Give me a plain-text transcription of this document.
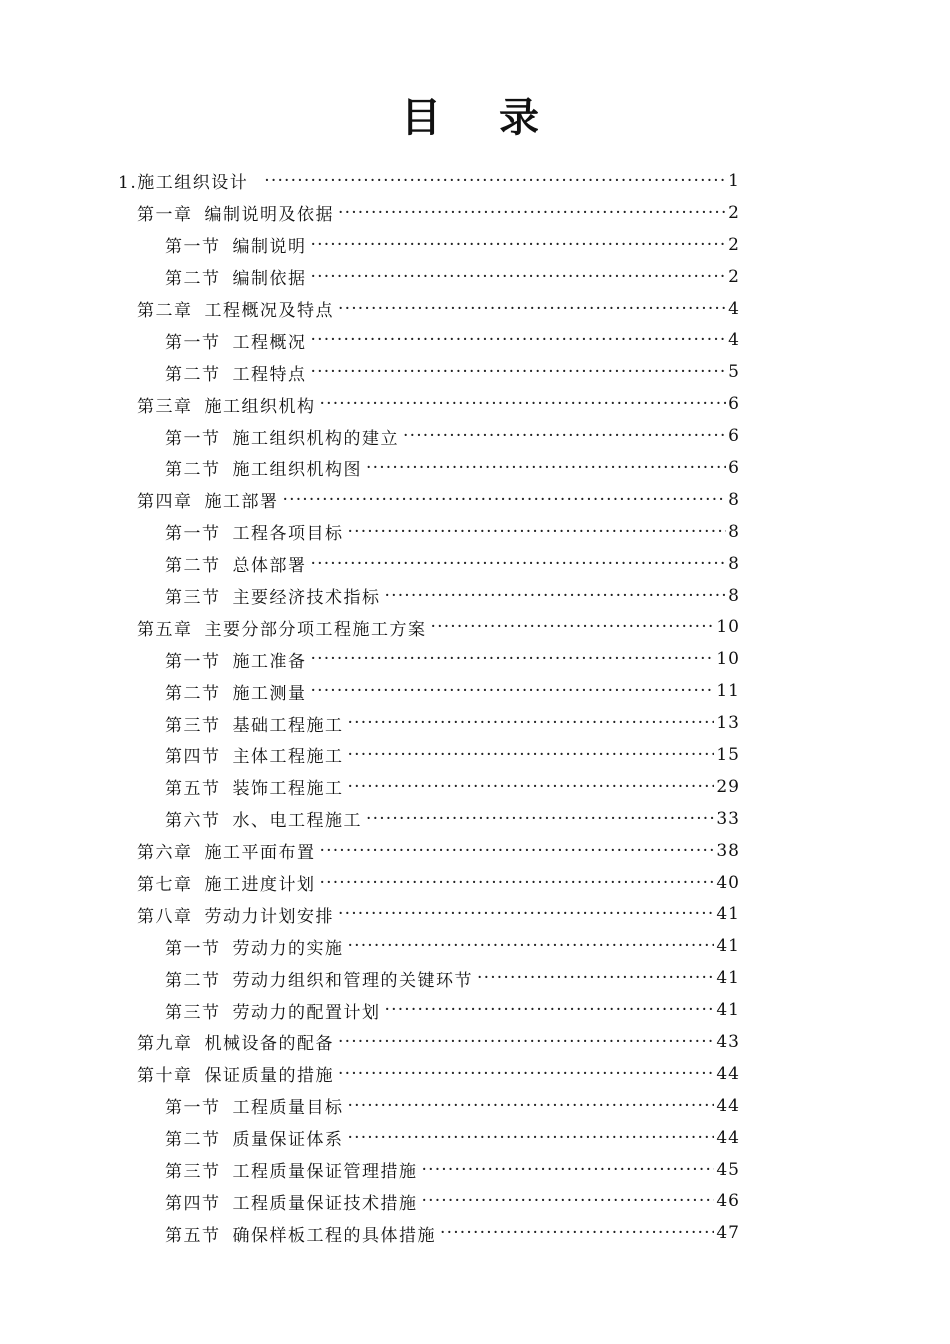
目 录
1.施工组织设计 ·····	1
第一章 编制说明及依据 ·····	2
第一节 编制说明 ·····	2
第二节 编制依据 ·····	2
第二章 工程概况及特点 ·····	4
第一节 工程概况 ·····	4
第二节 工程特点 ·····	5
第三章 施工组织机构 ·····	6
第一节 施工组织机构的建立 ·····	6
第二节 施工组织机构图 ·····	6
第四章 施工部署 ·····	8
第一节 工程各项目标 ·····	8
第二节 总体部署 ·····	8
第三节 主要经济技术指标 ·····	8
第五章 主要分部分项工程施工方案 ·····	10
第一节 施工准备 ·····	10
第二节 施工测量 ·····	11
第三节 基础工程施工 ·····	13
第四节 主体工程施工 ·····	15
第五节 装饰工程施工 ·····	29
第六节 水、电工程施工 ·····	33
第六章 施工平面布置 ·····	38
第七章 施工进度计划 ·····	40
第八章 劳动力计划安排 ·····	41
第一节 劳动力的实施 ·····	41
第二节 劳动力组织和管理的关键环节 ·····	41
第三节 劳动力的配置计划 ·····	41
第九章 机械设备的配备 ·····	43
第十章 保证质量的措施 ·····	44
第一节 工程质量目标 ·····	44
第二节 质量保证体系 ·····	44
第三节 工程质量保证管理措施 ·····	45
第四节 工程质量保证技术措施 ·····	46
第五节 确保样板工程的具体措施 ·····	47
